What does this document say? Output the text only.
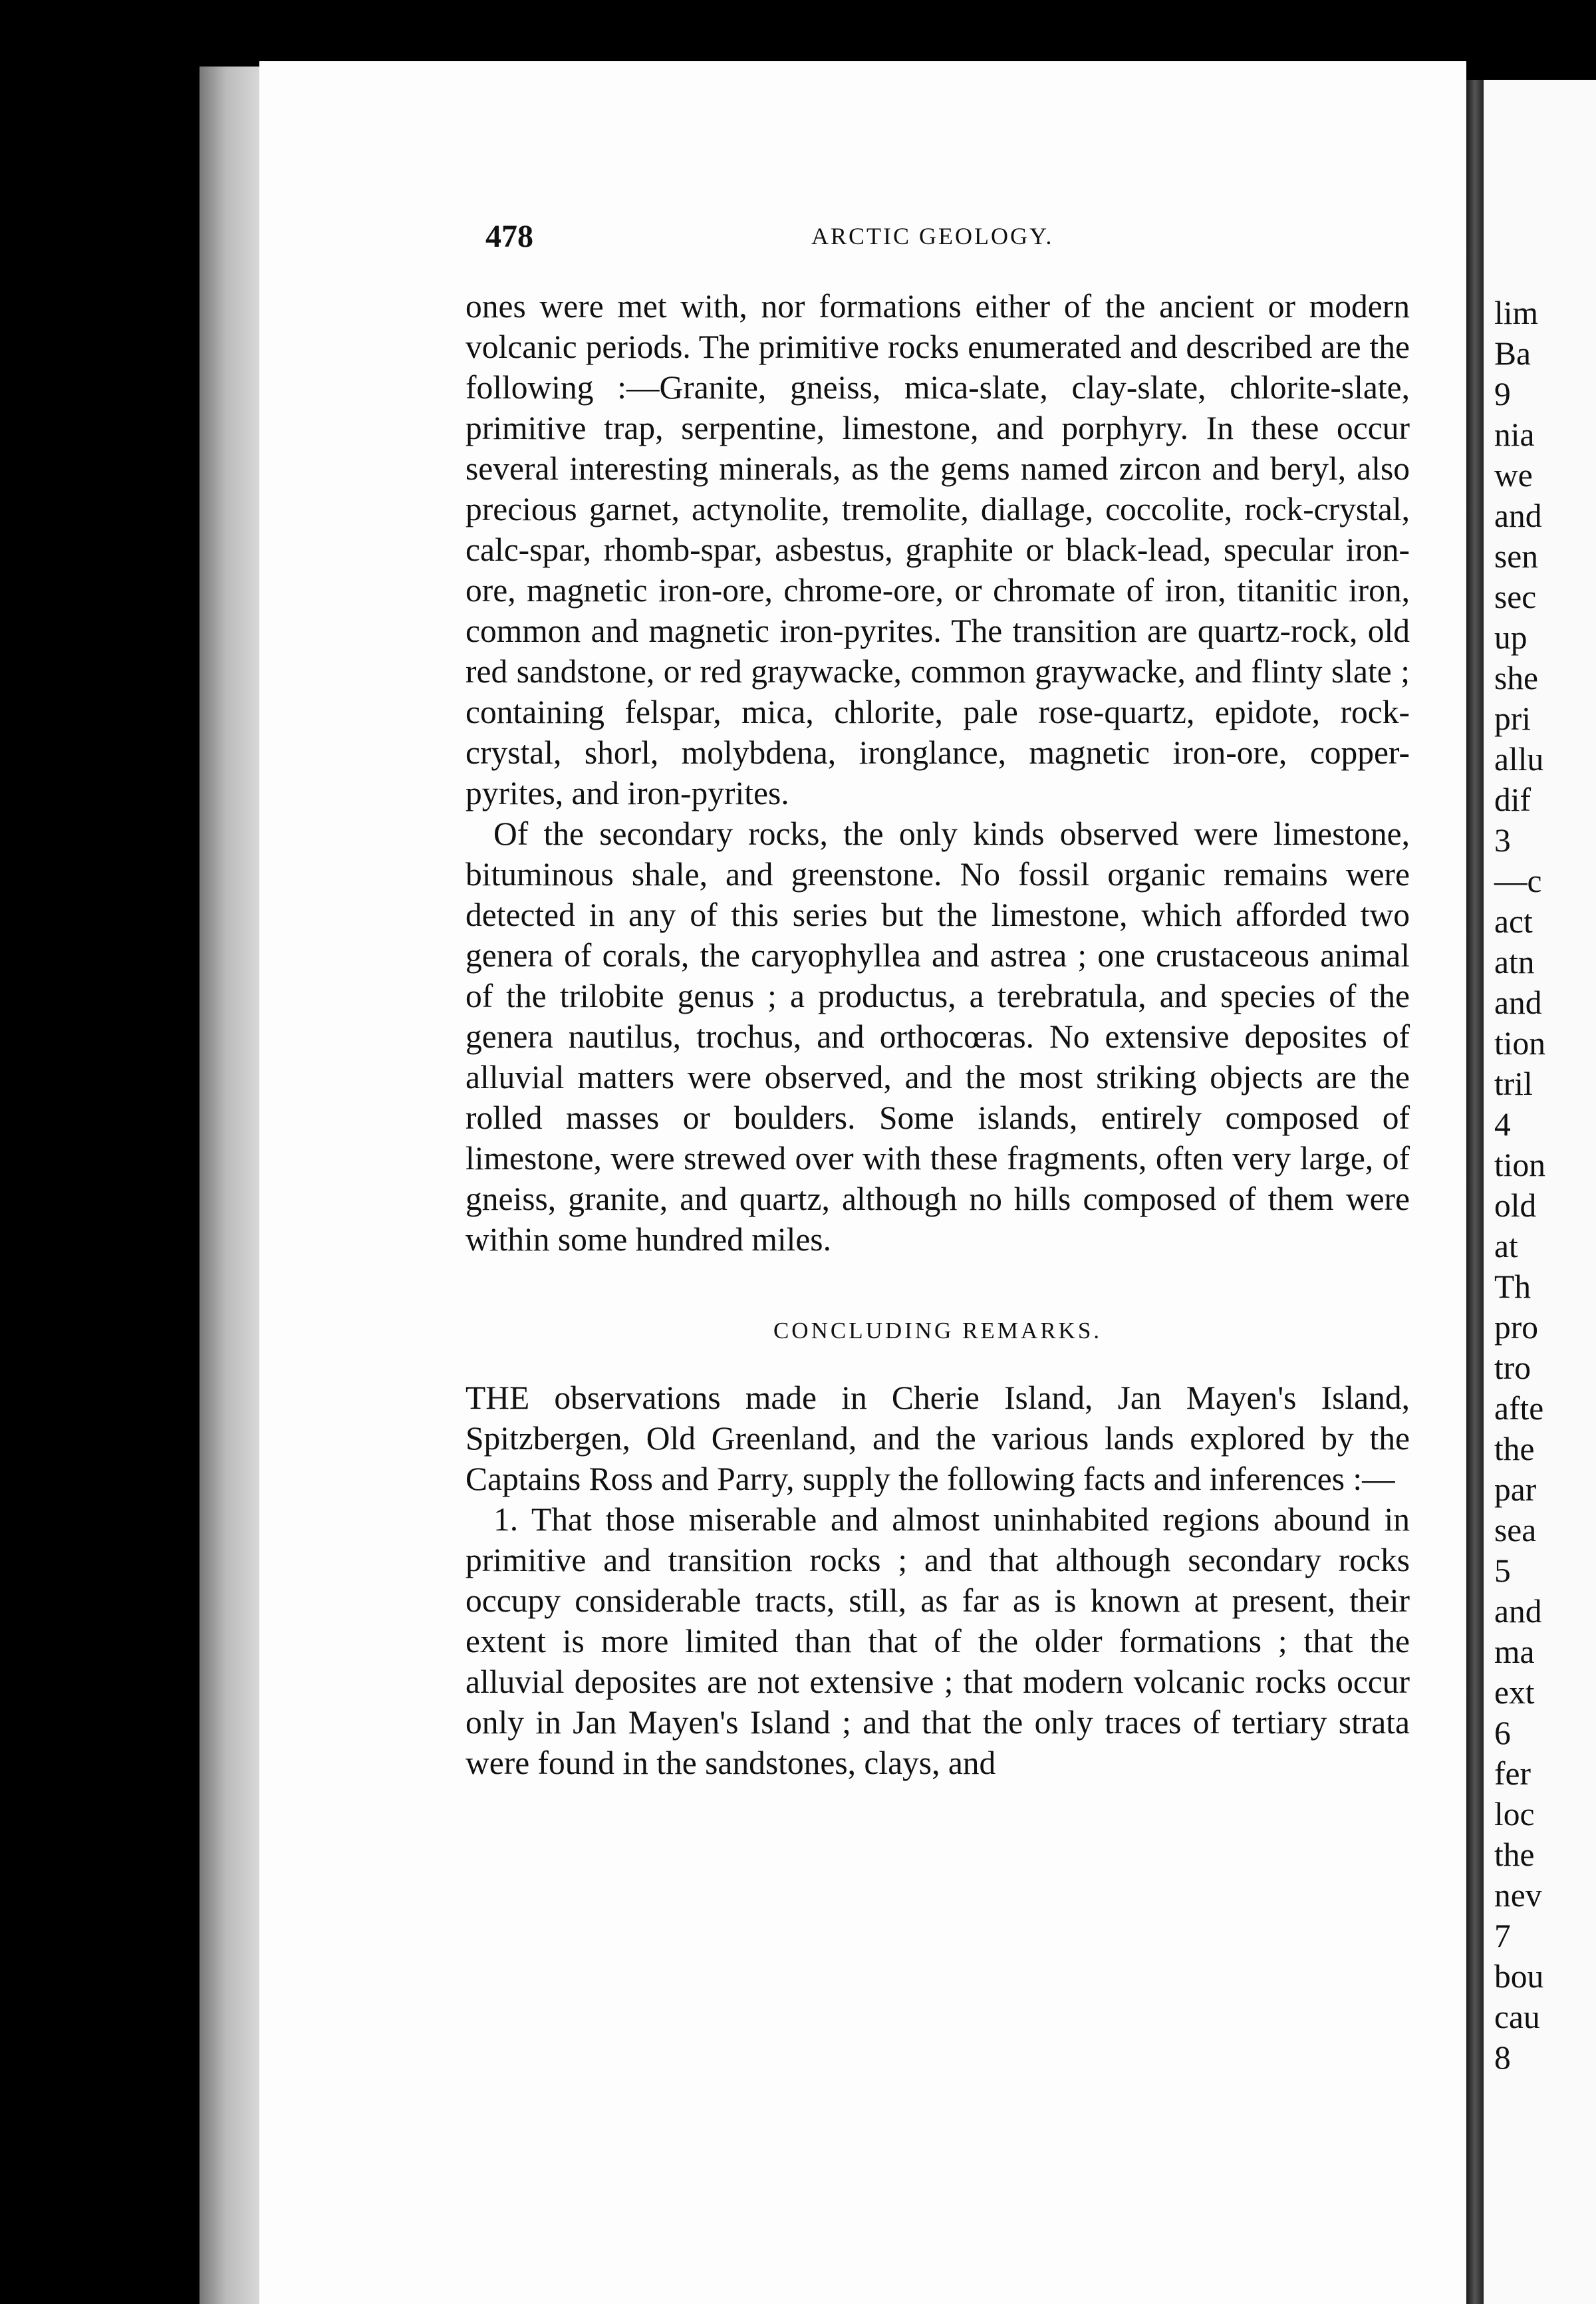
478	ARCTIC GEOLOGY.

ones were met with, nor formations either of the ancient or modern volcanic periods. The primitive rocks enumerated and described are the following :—Granite, gneiss, mica-slate, clay-slate, chlorite-slate, primitive trap, serpentine, limestone, and porphyry. In these occur several interesting minerals, as the gems named zircon and beryl, also precious garnet, actynolite, tremolite, diallage, coccolite, rock-crystal, calc-spar, rhomb-spar, asbestus, graphite or black-lead, specular iron-ore, magnetic iron-ore, chrome-ore, or chromate of iron, titanitic iron, common and magnetic iron-pyrites. The transition are quartz-rock, old red sandstone, or red graywacke, common graywacke, and flinty slate ; containing felspar, mica, chlorite, pale rose-quartz, epidote, rock-crystal, shorl, molybdena, ironglance, magnetic iron-ore, copper-pyrites, and iron-pyrites.

Of the secondary rocks, the only kinds observed were limestone, bituminous shale, and greenstone. No fossil organic remains were detected in any of this series but the limestone, which afforded two genera of corals, the caryophyllea and astrea ; one crustaceous animal of the trilobite genus ; a productus, a terebratula, and species of the genera nautilus, trochus, and orthocœras. No extensive deposites of alluvial matters were observed, and the most striking objects are the rolled masses or boulders. Some islands, entirely composed of limestone, were strewed over with these fragments, often very large, of gneiss, granite, and quartz, although no hills composed of them were within some hundred miles.

CONCLUDING REMARKS.

THE observations made in Cherie Island, Jan Mayen's Island, Spitzbergen, Old Greenland, and the various lands explored by the Captains Ross and Parry, supply the following facts and inferences :—

1. That those miserable and almost uninhabited regions abound in primitive and transition rocks ; and that although secondary rocks occupy considerable tracts, still, as far as is known at present, their extent is more limited than that of the older formations ; that the alluvial deposites are not extensive ; that modern volcanic rocks occur only in Jan Mayen's Island ; and that the only traces of tertiary strata were found in the sandstones, clays, and

lim
Ba
9
nia
we
and
sen
sec
up
she
pri
allu
dif
3
—c
act
atn
and
tion
tril
4
tion
old
at
Th
pro
tro
afte
the
par
sea
5
and
ma
ext
6
fer
loc
the
nev
7
bou
cau
8
